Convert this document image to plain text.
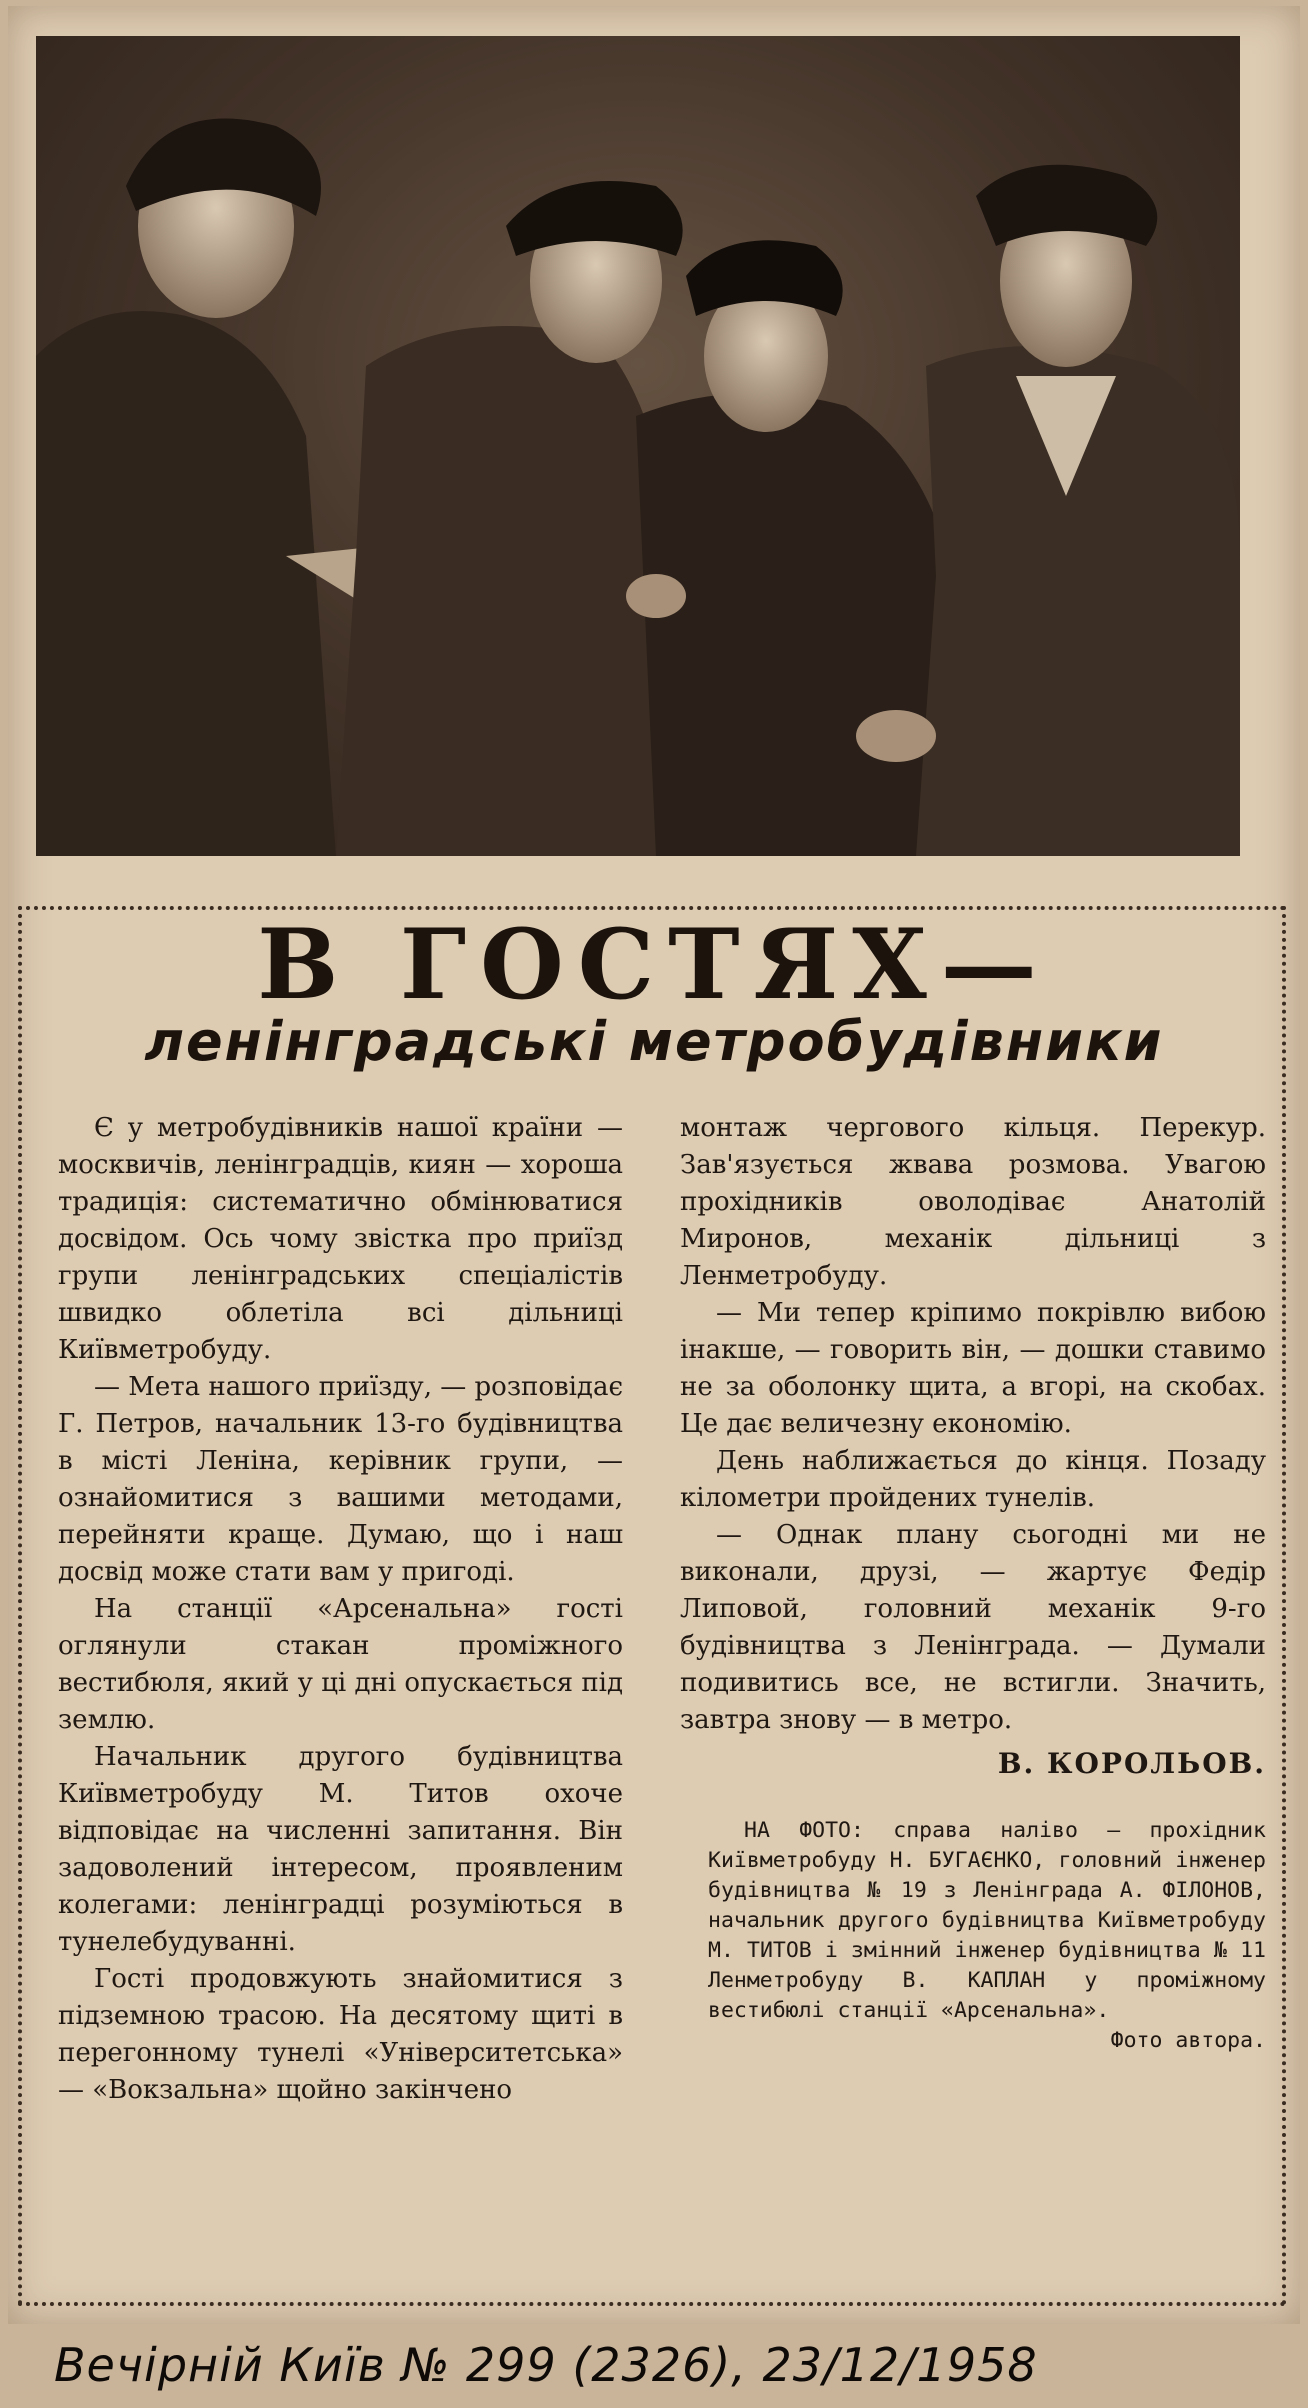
В ГОСТЯХ—
ленінградські метробудівники

Є у метробудівників нашої країни — москвичів, ленінградців, киян — хороша традиція: систематично обмінюватися досвідом. Ось чому звістка про приїзд групи ленінградських спеціалістів швидко облетіла всі дільниці Київметробуду.

— Мета нашого приїзду, — розповідає Г. Петров, начальник 13-го будівництва в місті Леніна, керівник групи, — ознайомитися з вашими методами, перейняти краще. Думаю, що і наш досвід може стати вам у пригоді.

На станції «Арсенальна» гості оглянули стакан проміжного вестибюля, який у ці дні опускається під землю.

Начальник другого будівництва Київметробуду М. Титов охоче відповідає на численні запитання. Він задоволений інтересом, проявленим колегами: ленінградці розуміються в тунелебудуванні.

Гості продовжують знайомитися з підземною трасою. На десятому щиті в перегонному тунелі «Університетська» — «Вокзальна» щойно закінчено

монтаж чергового кільця. Перекур. Зав'язується жвава розмова. Увагою прохідників оволодіває Анатолій Миронов, механік дільниці з Ленметробуду.

— Ми тепер кріпимо покрівлю вибою інакше, — говорить він, — дошки ставимо не за оболонку щита, а вгорі, на скобах. Це дає величезну економію.

День наближається до кінця. Позаду кілометри пройдених тунелів.

— Однак плану сьогодні ми не виконали, друзі, — жартує Федір Липовой, головний механік 9-го будівництва з Ленінграда. — Думали подивитись все, не встигли. Значить, завтра знову — в метро.

В. КОРОЛЬОВ.

НА ФОТО: справа наліво — прохідник Київметробуду Н. БУГАЄНКО, головний інженер будівництва № 19 з Ленінграда А. ФІЛОНОВ, начальник другого будівництва Київметробуду М. ТИТОВ і змінний інженер будівництва № 11 Ленметробуду В. КАПЛАН у проміжному вестибюлі станції «Арсенальна».

Фото автора.

Вечірній Київ № 299 (2326), 23/12/1958
